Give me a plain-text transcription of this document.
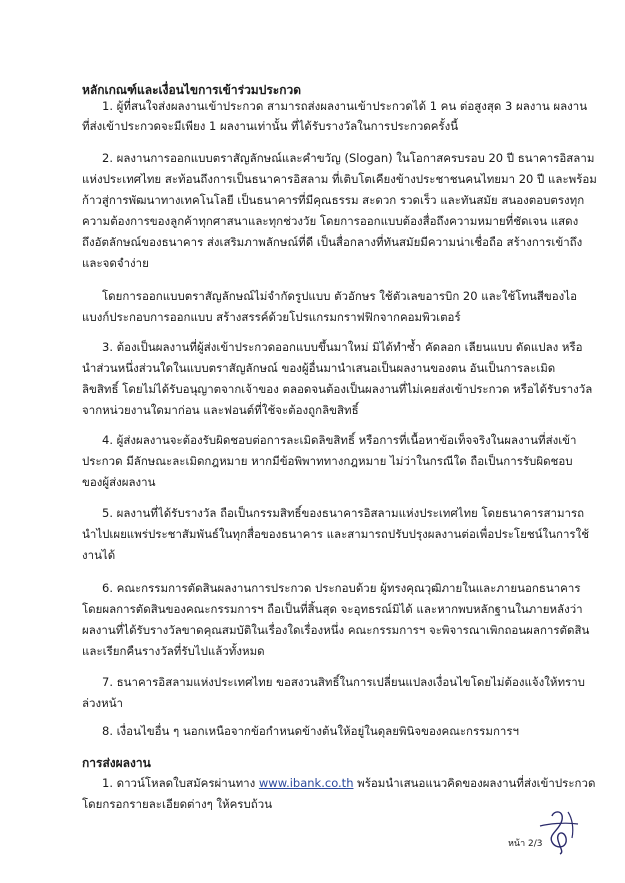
หลักเกณฑ์และเงื่อนไขการเข้าร่วมประกวด
1. ผู้ที่สนใจส่งผลงานเข้าประกวด สามารถส่งผลงานเข้าประกวดได้ 1 คน ต่อสูงสุด 3 ผลงาน ผลงาน
ที่ส่งเข้าประกวดจะมีเพียง 1 ผลงานเท่านั้น ที่ได้รับรางวัลในการประกวดครั้งนี้
2. ผลงานการออกแบบตราสัญลักษณ์และคำขวัญ (Slogan) ในโอกาสครบรอบ 20 ปี ธนาคารอิสลาม
แห่งประเทศไทย สะท้อนถึงการเป็นธนาคารอิสลาม ที่เติบโตเคียงข้างประชาชนคนไทยมา 20 ปี และพร้อม
ก้าวสู่การพัฒนาทางเทคโนโลยี เป็นธนาคารที่มีคุณธรรม สะดวก รวดเร็ว และทันสมัย สนองตอบตรงทุก
ความต้องการของลูกค้าทุกศาสนาและทุกช่วงวัย โดยการออกแบบต้องสื่อถึงความหมายที่ชัดเจน แสดง
ถึงอัตลักษณ์ของธนาคาร ส่งเสริมภาพลักษณ์ที่ดี เป็นสื่อกลางที่ทันสมัยมีความน่าเชื่อถือ สร้างการเข้าถึง
และจดจำง่าย
โดยการออกแบบตราสัญลักษณ์ไม่จำกัดรูปแบบ ตัวอักษร ใช้ตัวเลขอารบิก 20 และใช้โทนสีของไอ
แบงก์ประกอบการออกแบบ สร้างสรรค์ด้วยโปรแกรมกราฟฟิกจากคอมพิวเตอร์
3. ต้องเป็นผลงานที่ผู้ส่งเข้าประกวดออกแบบขึ้นมาใหม่ มิได้ทำซ้ำ คัดลอก เลียนแบบ ดัดแปลง หรือ
นำส่วนหนึ่งส่วนใดในแบบตราสัญลักษณ์ ของผู้อื่นมานำเสนอเป็นผลงานของตน อันเป็นการละเมิด
ลิขสิทธิ์ โดยไม่ได้รับอนุญาตจากเจ้าของ ตลอดจนต้องเป็นผลงานที่ไม่เคยส่งเข้าประกวด หรือได้รับรางวัล
จากหน่วยงานใดมาก่อน และฟอนต์ที่ใช้จะต้องถูกลิขสิทธิ์
4. ผู้ส่งผลงานจะต้องรับผิดชอบต่อการละเมิดลิขสิทธิ์ หรือการที่เนื้อหาข้อเท็จจริงในผลงานที่ส่งเข้า
ประกวด มีลักษณะละเมิดกฎหมาย หากมีข้อพิพาททางกฎหมาย ไม่ว่าในกรณีใด ถือเป็นการรับผิดชอบ
ของผู้ส่งผลงาน
5. ผลงานที่ได้รับรางวัล ถือเป็นกรรมสิทธิ์ของธนาคารอิสลามแห่งประเทศไทย โดยธนาคารสามารถ
นำไปเผยแพร่ประชาสัมพันธ์ในทุกสื่อของธนาคาร และสามารถปรับปรุงผลงานต่อเพื่อประโยชน์ในการใช้
งานได้
6. คณะกรรมการตัดสินผลงานการประกวด ประกอบด้วย ผู้ทรงคุณวุฒิภายในและภายนอกธนาคาร
โดยผลการตัดสินของคณะกรรมการฯ ถือเป็นที่สิ้นสุด จะอุทธรณ์มิได้ และหากพบหลักฐานในภายหลังว่า
ผลงานที่ได้รับรางวัลขาดคุณสมบัติในเรื่องใดเรื่องหนึ่ง คณะกรรมการฯ จะพิจารณาเพิกถอนผลการตัดสิน
และเรียกคืนรางวัลที่รับไปแล้วทั้งหมด
7. ธนาคารอิสลามแห่งประเทศไทย ขอสงวนสิทธิ์ในการเปลี่ยนแปลงเงื่อนไขโดยไม่ต้องแจ้งให้ทราบ
ล่วงหน้า
8. เงื่อนไขอื่น ๆ นอกเหนือจากข้อกำหนดข้างต้นให้อยู่ในดุลยพินิจของคณะกรรมการฯ
การส่งผลงาน
1. ดาวน์โหลดใบสมัครผ่านทาง www.ibank.co.th พร้อมนำเสนอแนวคิดของผลงานที่ส่งเข้าประกวด
โดยกรอกรายละเอียดต่างๆ ให้ครบถ้วน
หน้า 2/3
